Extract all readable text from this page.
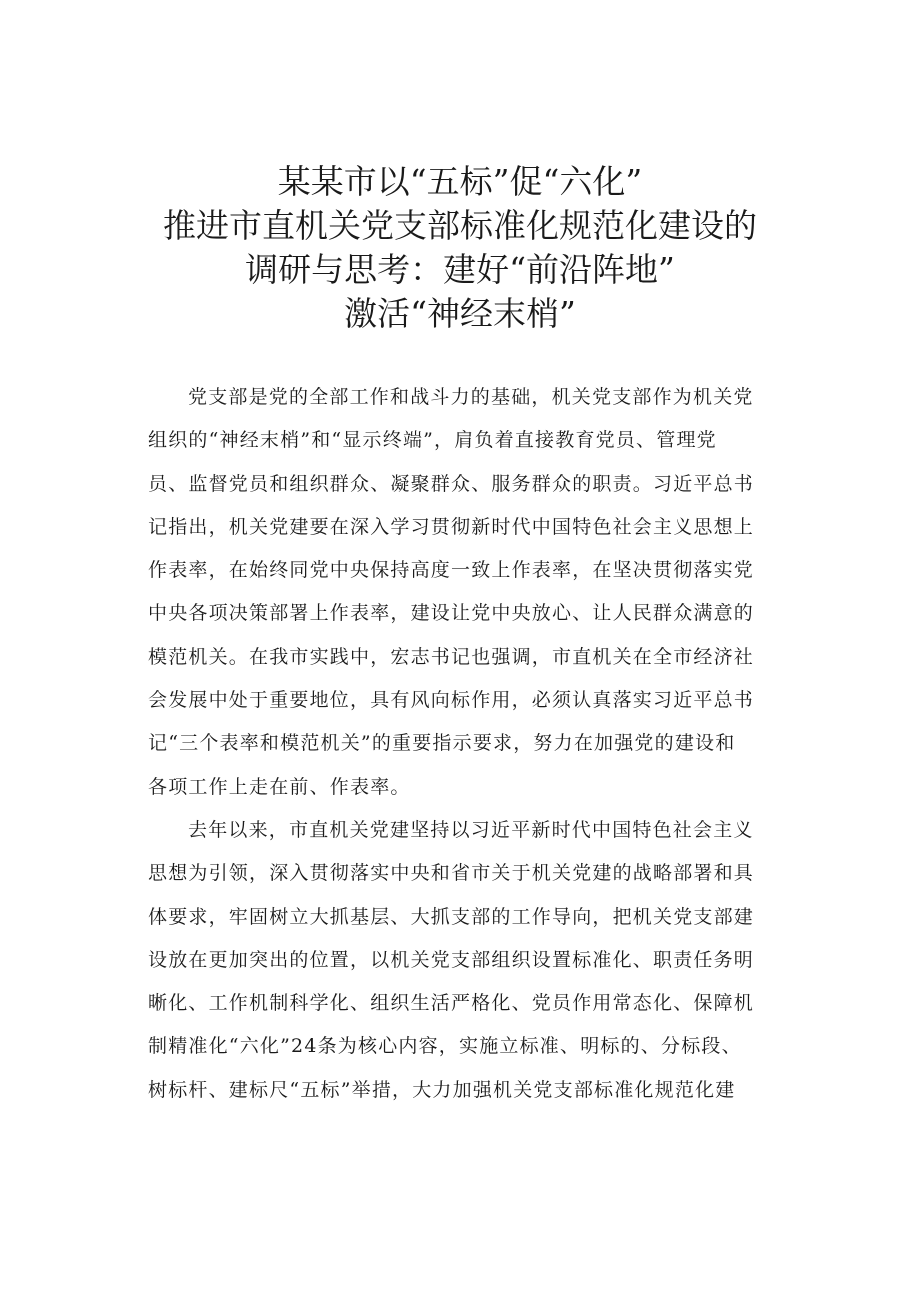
某某市以“五标”促“六化”
推进市直机关党支部标准化规范化建设的
调研与思考：建好“前沿阵地”
激活“神经末梢”
党支部是党的全部工作和战斗力的基础，机关党支部作为机关党
组织的“神经末梢”和“显示终端”，肩负着直接教育党员、管理党
员、监督党员和组织群众、凝聚群众、服务群众的职责。习近平总书
记指出，机关党建要在深入学习贯彻新时代中国特色社会主义思想上
作表率，在始终同党中央保持高度一致上作表率，在坚决贯彻落实党
中央各项决策部署上作表率，建设让党中央放心、让人民群众满意的
模范机关。在我市实践中，宏志书记也强调，市直机关在全市经济社
会发展中处于重要地位，具有风向标作用，必须认真落实习近平总书
记“三个表率和模范机关”的重要指示要求，努力在加强党的建设和
各项工作上走在前、作表率。
去年以来，市直机关党建坚持以习近平新时代中国特色社会主义
思想为引领，深入贯彻落实中央和省市关于机关党建的战略部署和具
体要求，牢固树立大抓基层、大抓支部的工作导向，把机关党支部建
设放在更加突出的位置，以机关党支部组织设置标准化、职责任务明
晰化、工作机制科学化、组织生活严格化、党员作用常态化、保障机
制精准化“六化”24条为核心内容，实施立标准、明标的、分标段、
树标杆、建标尺“五标”举措，大力加强机关党支部标准化规范化建
